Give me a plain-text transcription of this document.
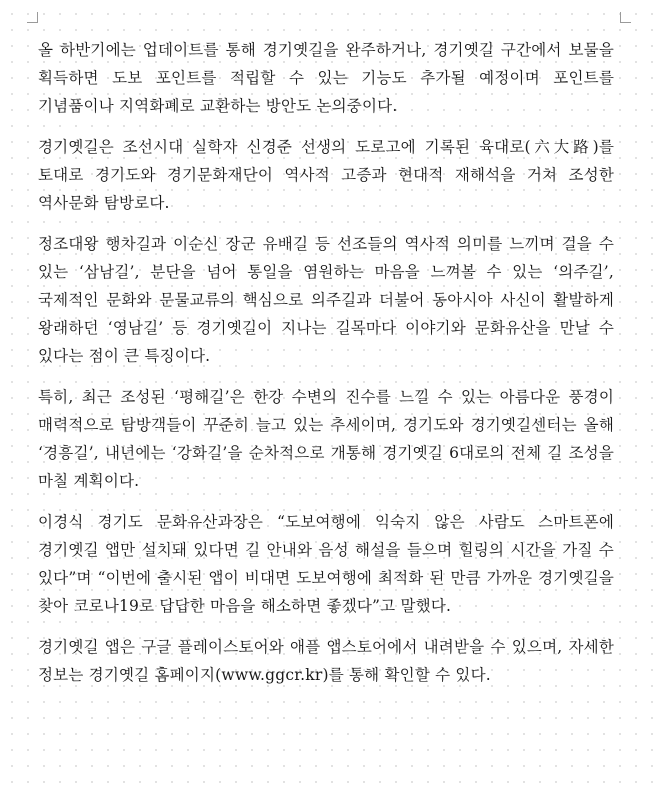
올 하반기에는 업데이트를 통해 경기옛길을 완주하거나, 경기옛길 구간에서 보물을 획득하면 도보 포인트를 적립할 수 있는 기능도 추가될 예정이며 포인트를 기념품이나 지역화폐로 교환하는 방안도 논의중이다.

경기옛길은 조선시대 실학자 신경준 선생의 도로고에 기록된 육대로(六大路)를 토대로 경기도와 경기문화재단이 역사적 고증과 현대적 재해석을 거쳐 조성한 역사문화 탐방로다.

정조대왕 행차길과 이순신 장군 유배길 등 선조들의 역사적 의미를 느끼며 걸을 수 있는 ‘삼남길’, 분단을 넘어 통일을 염원하는 마음을 느껴볼 수 있는 ‘의주길’, 국제적인 문화와 문물교류의 핵심으로 의주길과 더불어 동아시아 사신이 활발하게 왕래하던 ‘영남길’ 등 경기옛길이 지나는 길목마다 이야기와 문화유산을 만날 수 있다는 점이 큰 특징이다.

특히, 최근 조성된 ‘평해길’은 한강 수변의 진수를 느낄 수 있는 아름다운 풍경이 매력적으로 탐방객들이 꾸준히 늘고 있는 추세이며, 경기도와 경기옛길센터는 올해 ‘경흥길’, 내년에는 ‘강화길’을 순차적으로 개통해 경기옛길 6대로의 전체 길 조성을 마칠 계획이다.

이경식 경기도 문화유산과장은 “도보여행에 익숙지 않은 사람도 스마트폰에 경기옛길 앱만 설치돼 있다면 길 안내와 음성 해설을 들으며 힐링의 시간을 가질 수 있다”며 “이번에 출시된 앱이 비대면 도보여행에 최적화 된 만큼 가까운 경기옛길을 찾아 코로나19로 답답한 마음을 해소하면 좋겠다”고 말했다.

경기옛길 앱은 구글 플레이스토어와 애플 앱스토어에서 내려받을 수 있으며, 자세한 정보는 경기옛길 홈페이지(www.ggcr.kr)를 통해 확인할 수 있다.
